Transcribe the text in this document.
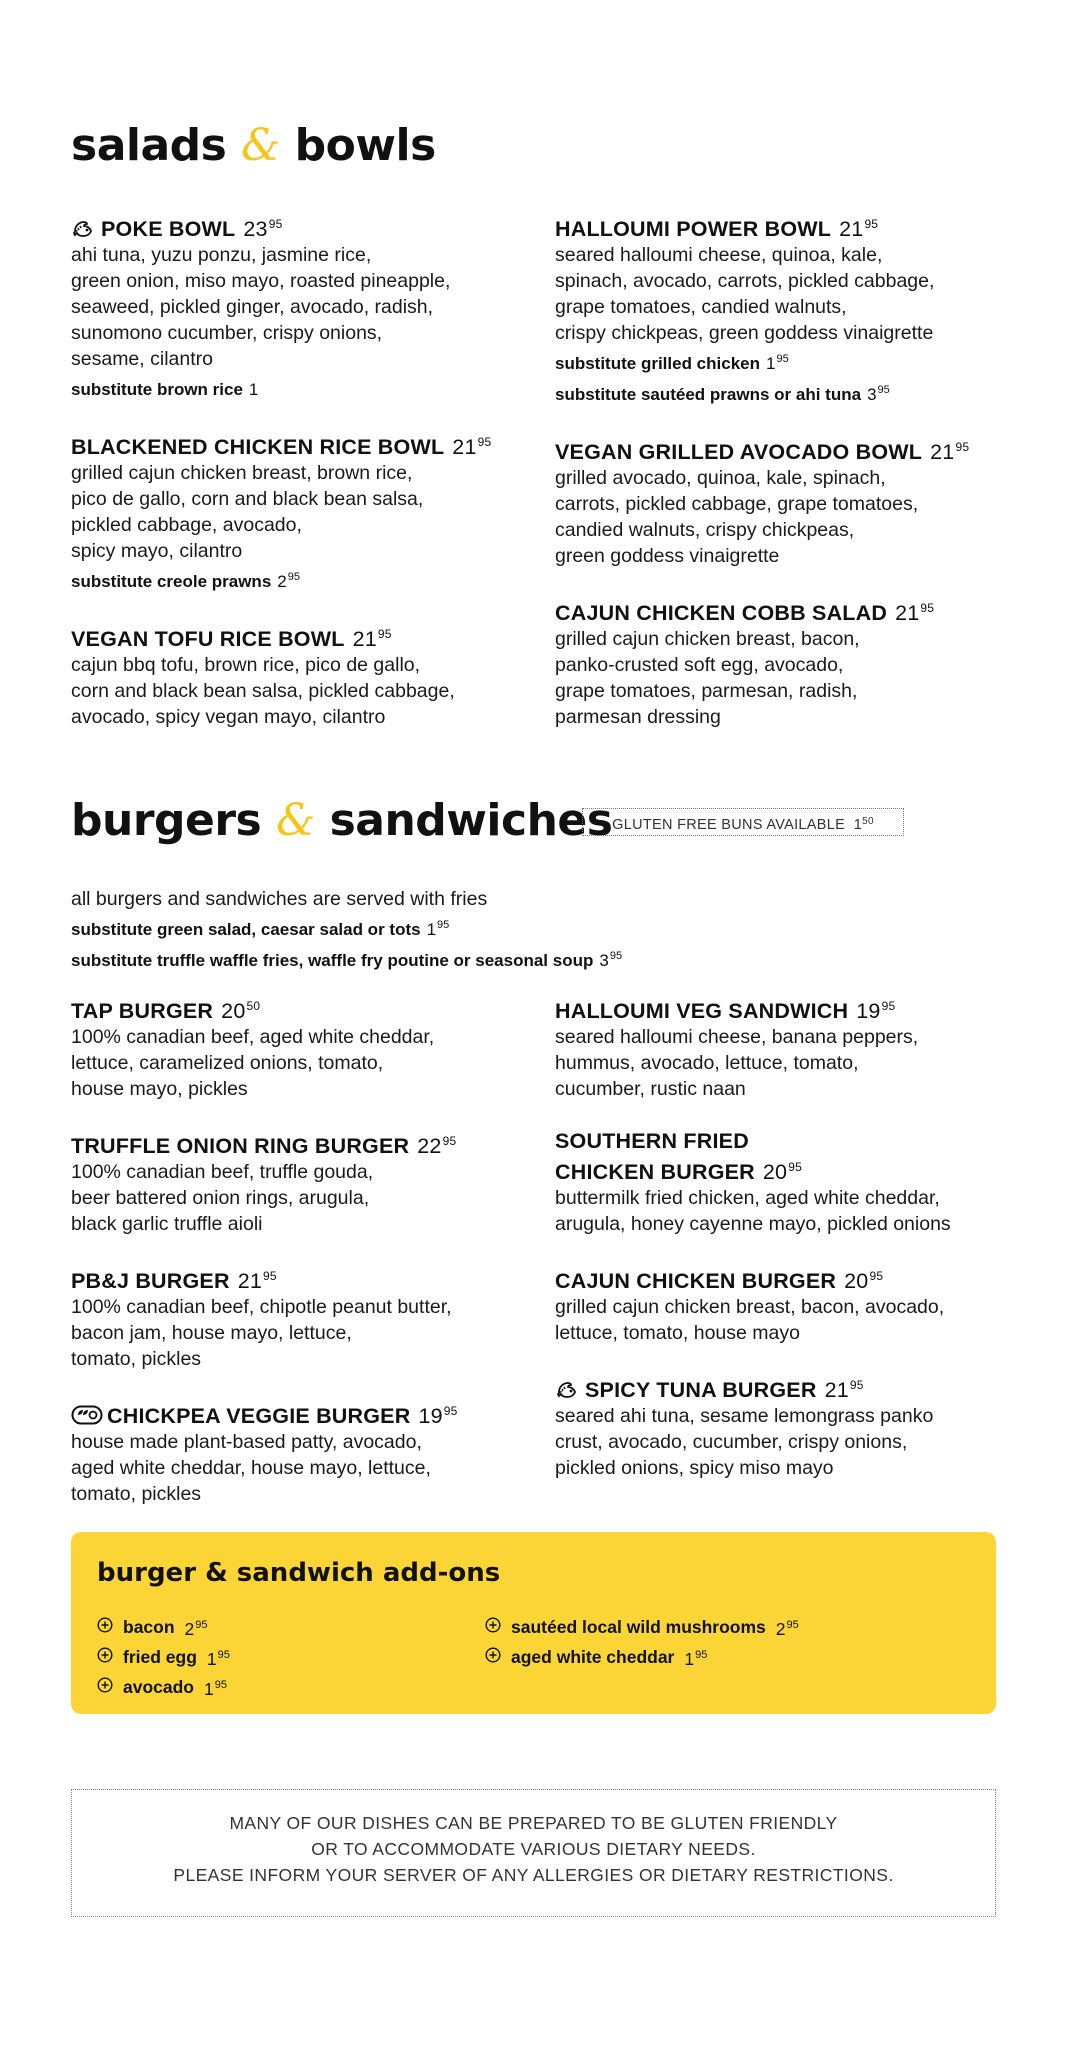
salads & bowls
POKE BOWL $23^{95}$
ahi tuna, yuzu ponzu, jasmine rice,
green onion, miso mayo, roasted pineapple,
seaweed, pickled ginger, avocado, radish,
sunomono cucumber, crispy onions,
sesame, cilantro
substitute brown rice 1
BLACKENED CHICKEN RICE BOWL $21^{95}$
grilled cajun chicken breast, brown rice,
pico de gallo, corn and black bean salsa,
pickled cabbage, avocado,
spicy mayo, cilantro
substitute creole prawns $2^{95}$
VEGAN TOFU RICE BOWL $21^{95}$
cajun bbq tofu, brown rice, pico de gallo,
corn and black bean salsa, pickled cabbage,
avocado, spicy vegan mayo, cilantro
HALLOUMI POWER BOWL $21^{95}$
seared halloumi cheese, quinoa, kale,
spinach, avocado, carrots, pickled cabbage,
grape tomatoes, candied walnuts,
crispy chickpeas, green goddess vinaigrette
substitute grilled chicken $1^{95}$
substitute sautéed prawns or ahi tuna $3^{95}$
VEGAN GRILLED AVOCADO BOWL $21^{95}$
grilled avocado, quinoa, kale, spinach,
carrots, pickled cabbage, grape tomatoes,
candied walnuts, crispy chickpeas,
green goddess vinaigrette
CAJUN CHICKEN COBB SALAD $21^{95}$
grilled cajun chicken breast, bacon,
panko-crusted soft egg, avocado,
grape tomatoes, parmesan, radish,
parmesan dressing
burgers & sandwiches GLUTEN FREE BUNS AVAILABLE $1^{50}$
all burgers and sandwiches are served with fries
substitute green salad, caesar salad or tots $1^{95}$
substitute truffle waffle fries, waffle fry poutine or seasonal soup $3^{95}$
TAP BURGER $20^{50}$
100% canadian beef, aged white cheddar,
lettuce, caramelized onions, tomato,
house mayo, pickles
TRUFFLE ONION RING BURGER $22^{95}$
100% canadian beef, truffle gouda,
beer battered onion rings, arugula,
black garlic truffle aioli
PB&J BURGER $21^{95}$
100% canadian beef, chipotle peanut butter,
bacon jam, house mayo, lettuce,
tomato, pickles
CHICKPEA VEGGIE BURGER $19^{95}$
house made plant-based patty, avocado,
aged white cheddar, house mayo, lettuce,
tomato, pickles
HALLOUMI VEG SANDWICH $19^{95}$
seared halloumi cheese, banana peppers,
hummus, avocado, lettuce, tomato,
cucumber, rustic naan
SOUTHERN FRIED
CHICKEN BURGER $20^{95}$
buttermilk fried chicken, aged white cheddar,
arugula, honey cayenne mayo, pickled onions
CAJUN CHICKEN BURGER $20^{95}$
grilled cajun chicken breast, bacon, avocado,
lettuce, tomato, house mayo
SPICY TUNA BURGER $21^{95}$
seared ahi tuna, sesame lemongrass panko
crust, avocado, cucumber, crispy onions,
pickled onions, spicy miso mayo
burger & sandwich add-ons
bacon $2^{95}$
fried egg $1^{95}$
avocado $1^{95}$
sautéed local wild mushrooms $2^{95}$
aged white cheddar $1^{95}$
MANY OF OUR DISHES CAN BE PREPARED TO BE GLUTEN FRIENDLY
OR TO ACCOMMODATE VARIOUS DIETARY NEEDS.
PLEASE INFORM YOUR SERVER OF ANY ALLERGIES OR DIETARY RESTRICTIONS.
